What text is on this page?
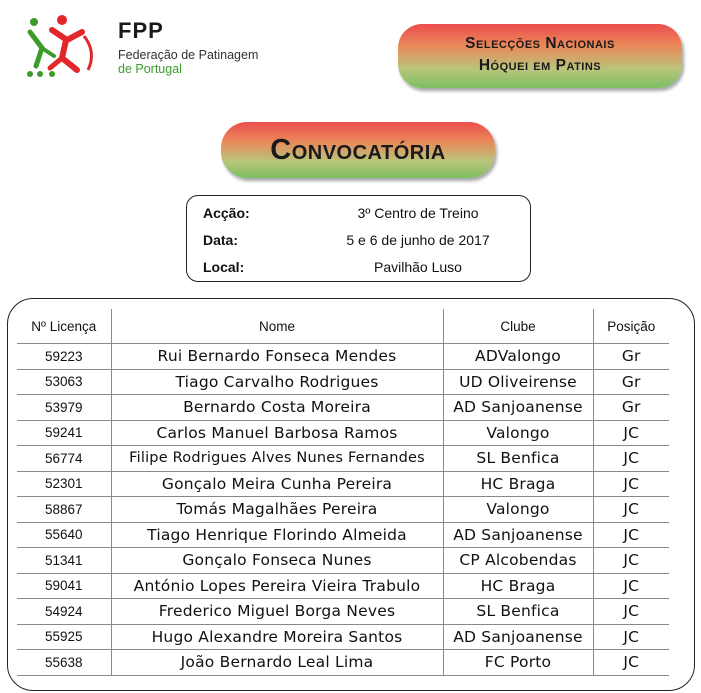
FPP
Federação de Patinagem
de Portugal
Selecções Nacionais
Hóquei em Patins
Convocatória
Acção:	3º Centro de Treino
Data:	5 e 6 de junho de 2017
Local:	Pavilhão Luso
Nº Licença	Nome	Clube	Posição
59223	Rui Bernardo Fonseca Mendes	ADValongo	Gr
53063	Tiago Carvalho Rodrigues	UD Oliveirense	Gr
53979	Bernardo Costa Moreira	AD Sanjoanense	Gr
59241	Carlos Manuel Barbosa Ramos	Valongo	JC
56774	Filipe Rodrigues Alves Nunes Fernandes	SL Benfica	JC
52301	Gonçalo Meira Cunha Pereira	HC Braga	JC
58867	Tomás Magalhães Pereira	Valongo	JC
55640	Tiago Henrique Florindo Almeida	AD Sanjoanense	JC
51341	Gonçalo Fonseca Nunes	CP Alcobendas	JC
59041	António Lopes Pereira Vieira Trabulo	HC Braga	JC
54924	Frederico Miguel Borga Neves	SL Benfica	JC
55925	Hugo Alexandre Moreira Santos	AD Sanjoanense	JC
55638	João Bernardo Leal Lima	FC Porto	JC
